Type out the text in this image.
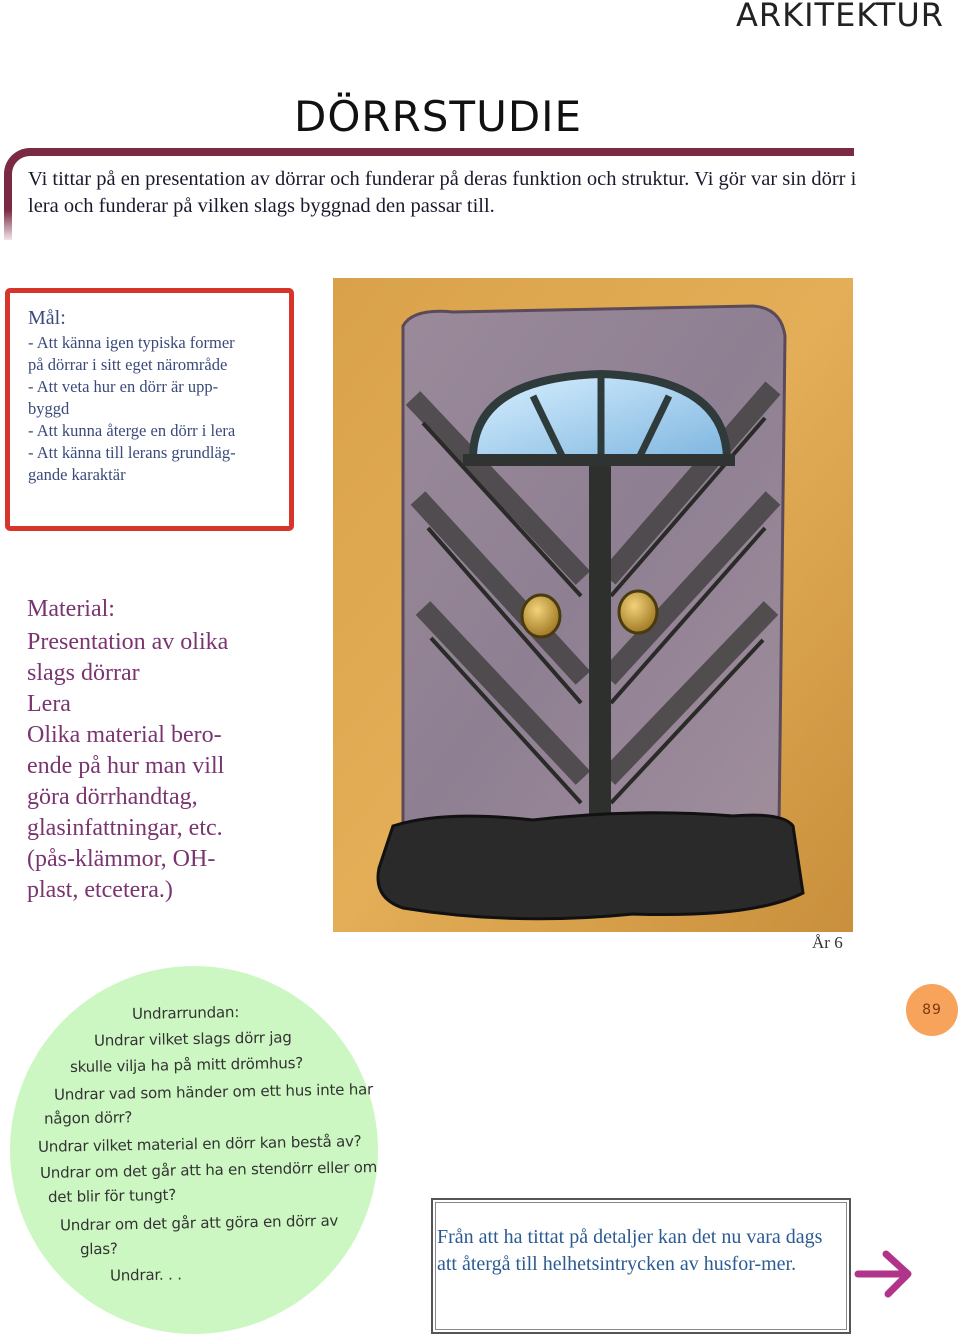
ARKITEKTUR
DÖRRSTUDIE

Vi tittar på en presentation av dörrar och funderar på deras funktion och struktur. Vi gör var sin dörr i lera och funderar på vilken slags byggnad den passar till.

Mål:

- Att känna igen typiska former
på dörrar i sitt eget närområde
- Att veta hur en dörr är upp-
byggd
- Att kunna återge en dörr i lera
- Att känna till lerans grundläg-
gande karaktär
Material:
Presentation av olika
slags dörrar
Lera
Olika material bero-
ende på hur man vill
göra dörrhandtag,
glasinfattningar, etc.
(pås-klämmor, OH-
plast, etcetera.)

År 6

89
Undrarrundan:
Undrar vilket slags dörr jag
skulle vilja ha på mitt drömhus?
Undrar vad som händer om ett hus inte har
någon dörr?
Undrar vilket material en dörr kan bestå av?
Undrar om det går att ha en stendörr eller om
det blir för tungt?
Undrar om det går att göra en dörr av
glas?
Undrar. . .

Från att ha tittat på detaljer kan det nu vara dags att återgå till helhetsintrycken av husfor-mer.
